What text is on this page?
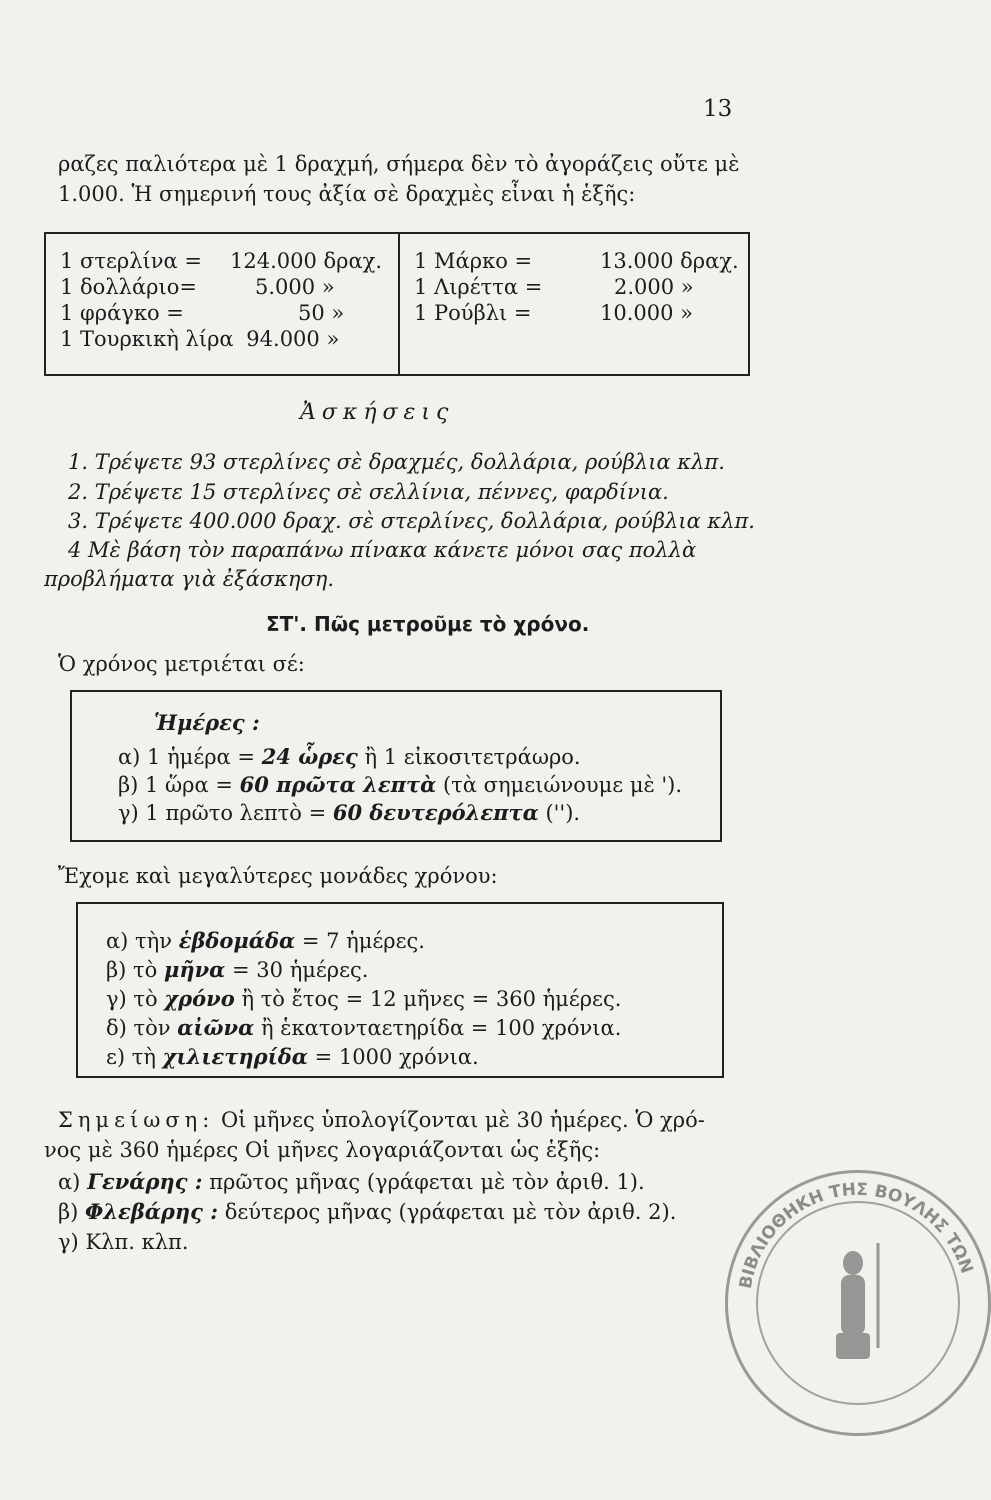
13
ραζες παλιότερα μὲ 1 δραχμή, σήμερα δὲν τὸ ἀγοράζεις οὔτε μὲ
1.000. Ἡ σημερινή τους ἀξία σὲ δραχμὲς εἶναι ἡ ἑξῆς:
1 στερλίνα = 124.000 δραχ.
1 δολλάριο=	5.000 »
1 φράγκο =	50 »
1 Τουρκικὴ λίρα 94.000 »
1 Μάρκο =	13.000 δραχ.
1 Λιρέττα =	2.000 »
1 Ρούβλι =	10.000 »
Ἀσκήσεις
1. Τρέψετε 93 στερλίνες σὲ δραχμές, δολλάρια, ρούβλια κλπ.
2. Τρέψετε 15 στερλίνες σὲ σελλίνια, πέννες, φαρδίνια.
3. Τρέψετε 400.000 δραχ. σὲ στερλίνες, δολλάρια, ρούβλια κλπ.
4 Μὲ βάση τὸν παραπάνω πίνακα κάνετε μόνοι σας πολλὰ
προβλήματα γιὰ ἐξάσκηση.
ΣΤ'. Πῶς μετροῦμε τὸ χρόνο.
Ὁ χρόνος μετριέται σέ:
Ἡμέρες :
α) 1 ἡμέρα = 24 ὧρες ἢ 1 εἰκοσιτετράωρο.
β) 1 ὥρα = 60 πρῶτα λεπτὰ (τὰ σημειώνουμε μὲ ').
γ) 1 πρῶτο λεπτὸ = 60 δευτερόλεπτα ('').
Ἔχομε καὶ μεγαλύτερες μονάδες χρόνου:
α) τὴν ἑβδομάδα = 7 ἡμέρες.
β) τὸ μῆνα = 30 ἡμέρες.
γ) τὸ χρόνο ἢ τὸ ἔτος = 12 μῆνες = 360 ἡμέρες.
δ) τὸν αἰῶνα ἢ ἑκατονταετηρίδα = 100 χρόνια.
ε) τὴ χιλιετηρίδα = 1000 χρόνια.
Σημείωση: Οἱ μῆνες ὑπολογίζονται μὲ 30 ἡμέρες. Ὁ χρό-
νος μὲ 360 ἡμέρες Οἱ μῆνες λογαριάζονται ὡς ἑξῆς:
α) Γενάρης : πρῶτος μῆνας (γράφεται μὲ τὸν ἀριθ. 1).
β) Φλεβάρης : δεύτερος μῆνας (γράφεται μὲ τὸν ἀριθ. 2).
γ) Κλπ. κλπ.
ΒΙΒΛΙΟΘΗΚΗ ΤΗΣ ΒΟΥΛΗΣ ΤΩΝ
